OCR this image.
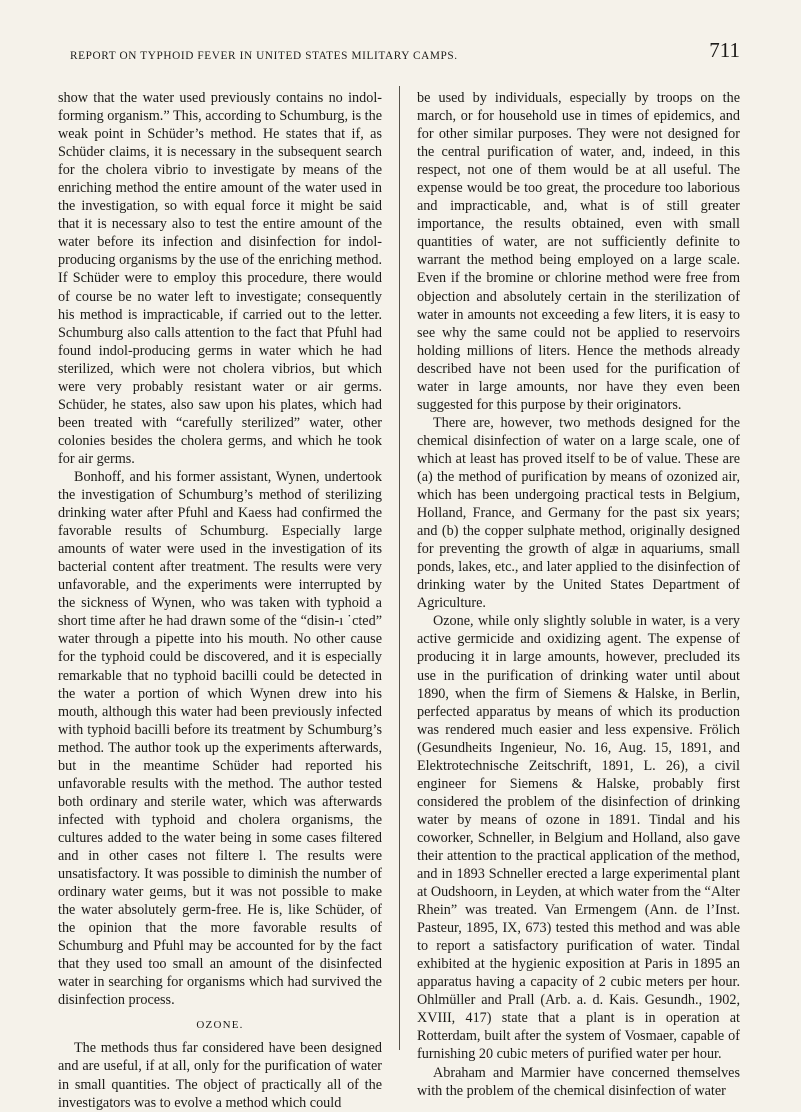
REPORT ON TYPHOID FEVER IN UNITED STATES MILITARY CAMPS.	711

show that the water used previously contains no indol-forming organism.” This, according to Schumburg, is the weak point in Schüder’s method. He states that if, as Schüder claims, it is necessary in the subsequent search for the cholera vibrio to investigate by means of the enriching method the entire amount of the water used in the investigation, so with equal force it might be said that it is necessary also to test the entire amount of the water before its infection and disinfection for indol-producing organisms by the use of the enriching method. If Schüder were to employ this procedure, there would of course be no water left to investigate; consequently his method is impracticable, if carried out to the letter. Schumburg also calls attention to the fact that Pfuhl had found indol-producing germs in water which he had sterilized, which were not cholera vibrios, but which were very probably resistant water or air germs. Schüder, he states, also saw upon his plates, which had been treated with “carefully sterilized” water, other colonies besides the cholera germs, and which he took for air germs.

Bonhoff, and his former assistant, Wynen, undertook the investigation of Schumburg’s method of sterilizing drinking water after Pfuhl and Kaess had confirmed the favorable results of Schumburg. Especially large amounts of water were used in the investigation of its bacterial content after treatment. The results were very unfavorable, and the experiments were interrupted by the sickness of Wynen, who was taken with typhoid a short time after he had drawn some of the “disin-ı ˙cted” water through a pipette into his mouth. No other cause for the typhoid could be discovered, and it is especially remarkable that no typhoid bacilli could be detected in the water a portion of which Wynen drew into his mouth, although this water had been previously infected with typhoid bacilli before its treatment by Schumburg’s method. The author took up the experiments afterwards, but in the meantime Schüder had reported his unfavorable results with the method. The author tested both ordinary and sterile water, which was afterwards infected with typhoid and cholera organisms, the cultures added to the water being in some cases filtered and in other cases not filterɐ l. The results were unsatisfactory. It was possible to diminish the number of ordinary water geıms, but it was not possible to make the water absolutely germ-free. He is, like Schüder, of the opinion that the more favorable results of Schumburg and Pfuhl may be accounted for by the fact that they used too small an amount of the disinfected water in searching for organisms which had survived the disinfection process.

OZONE.

The methods thus far considered have been designed and are useful, if at all, only for the purification of water in small quantities. The object of practically all of the investigators was to evolve a method which could

be used by individuals, especially by troops on the march, or for household use in times of epidemics, and for other similar purposes. They were not designed for the central purification of water, and, indeed, in this respect, not one of them would be at all useful. The expense would be too great, the procedure too laborious and impracticable, and, what is of still greater importance, the results obtained, even with small quantities of water, are not sufficiently definite to warrant the method being employed on a large scale. Even if the bromine or chlorine method were free from objection and absolutely certain in the sterilization of water in amounts not exceeding a few liters, it is easy to see why the same could not be applied to reservoirs holding millions of liters. Hence the methods already described have not been used for the purification of water in large amounts, nor have they even been suggested for this purpose by their originators.

There are, however, two methods designed for the chemical disinfection of water on a large scale, one of which at least has proved itself to be of value. These are (a) the method of purification by means of ozonized air, which has been undergoing practical tests in Belgium, Holland, France, and Germany for the past six years; and (b) the copper sulphate method, originally designed for preventing the growth of algæ in aquariums, small ponds, lakes, etc., and later applied to the disinfection of drinking water by the United States Department of Agriculture.

Ozone, while only slightly soluble in water, is a very active germicide and oxidizing agent. The expense of producing it in large amounts, however, precluded its use in the purification of drinking water until about 1890, when the firm of Siemens & Halske, in Berlin, perfected apparatus by means of which its production was rendered much easier and less expensive. Frölich (Gesundheits Ingenieur, No. 16, Aug. 15, 1891, and Elektrotechnische Zeitschrift, 1891, L. 26), a civil engineer for Siemens & Halske, probably first considered the problem of the disinfection of drinking water by means of ozone in 1891. Tindal and his coworker, Schneller, in Belgium and Holland, also gave their attention to the practical application of the method, and in 1893 Schneller erected a large experimental plant at Oudshoorn, in Leyden, at which water from the “Alter Rhein” was treated. Van Ermengem (Ann. de l’Inst. Pasteur, 1895, IX, 673) tested this method and was able to report a satisfactory purification of water. Tindal exhibited at the hygienic exposition at Paris in 1895 an apparatus having a capacity of 2 cubic meters per hour. Ohlmüller and Prall (Arb. a. d. Kais. Gesundh., 1902, XVIII, 417) state that a plant is in operation at Rotterdam, built after the system of Vosmaer, capable of furnishing 20 cubic meters of purified water per hour.

Abraham and Marmier have concerned themselves with the problem of the chemical disinfection of water
